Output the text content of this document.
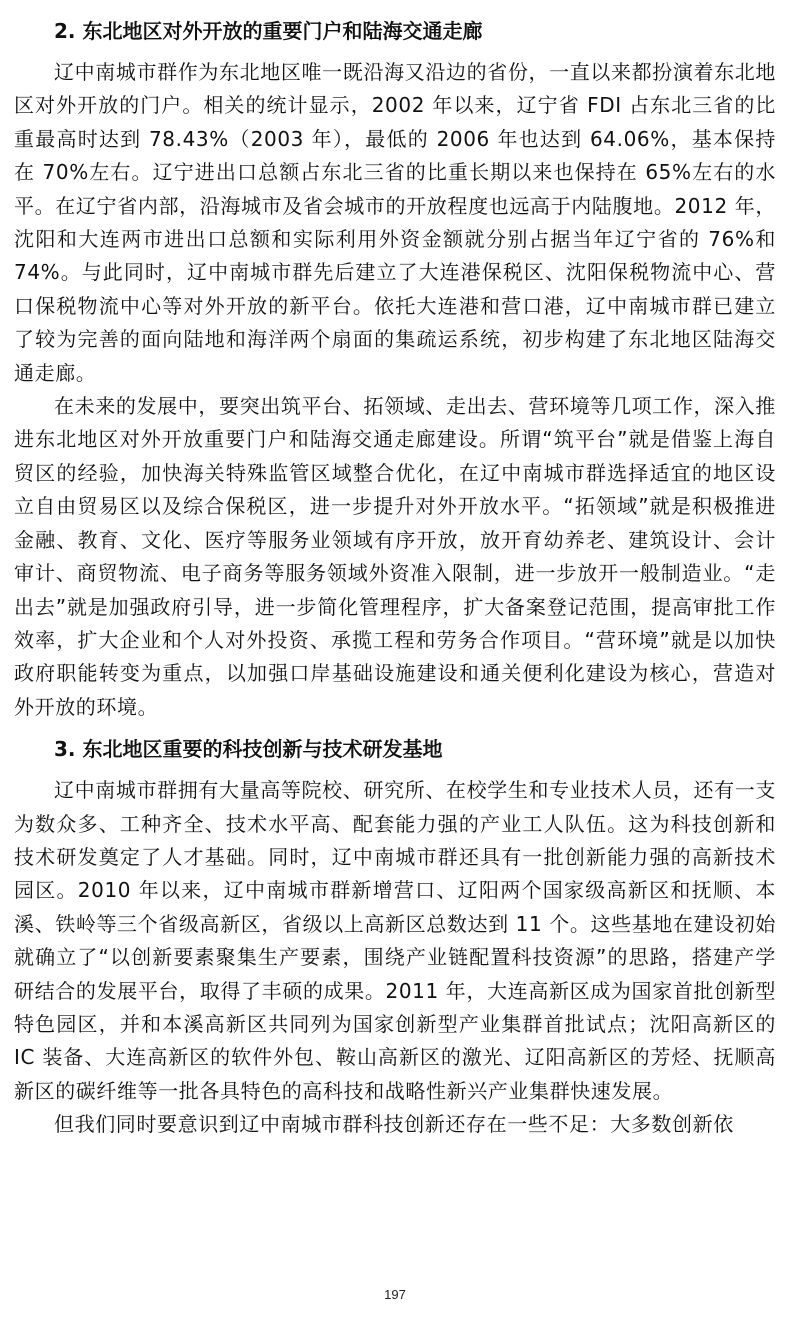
2. 东北地区对外开放的重要门户和陆海交通走廊

辽中南城市群作为东北地区唯一既沿海又沿边的省份，一直以来都扮演着东北地区对外开放的门户。相关的统计显示，2002 年以来，辽宁省 FDI 占东北三省的比重最高时达到 78.43%（2003 年），最低的 2006 年也达到 64.06%，基本保持在 70%左右。辽宁进出口总额占东北三省的比重长期以来也保持在 65%左右的水平。在辽宁省内部，沿海城市及省会城市的开放程度也远高于内陆腹地。2012 年，沈阳和大连两市进出口总额和实际利用外资金额就分别占据当年辽宁省的 76%和 74%。与此同时，辽中南城市群先后建立了大连港保税区、沈阳保税物流中心、营口保税物流中心等对外开放的新平台。依托大连港和营口港，辽中南城市群已建立了较为完善的面向陆地和海洋两个扇面的集疏运系统，初步构建了东北地区陆海交通走廊。

在未来的发展中，要突出筑平台、拓领域、走出去、营环境等几项工作，深入推进东北地区对外开放重要门户和陆海交通走廊建设。所谓“筑平台”就是借鉴上海自贸区的经验，加快海关特殊监管区域整合优化，在辽中南城市群选择适宜的地区设立自由贸易区以及综合保税区，进一步提升对外开放水平。“拓领域”就是积极推进金融、教育、文化、医疗等服务业领域有序开放，放开育幼养老、建筑设计、会计审计、商贸物流、电子商务等服务领域外资准入限制，进一步放开一般制造业。“走出去”就是加强政府引导，进一步简化管理程序，扩大备案登记范围，提高审批工作效率，扩大企业和个人对外投资、承揽工程和劳务合作项目。“营环境”就是以加快政府职能转变为重点，以加强口岸基础设施建设和通关便利化建设为核心，营造对外开放的环境。

3. 东北地区重要的科技创新与技术研发基地

辽中南城市群拥有大量高等院校、研究所、在校学生和专业技术人员，还有一支为数众多、工种齐全、技术水平高、配套能力强的产业工人队伍。这为科技创新和技术研发奠定了人才基础。同时，辽中南城市群还具有一批创新能力强的高新技术园区。2010 年以来，辽中南城市群新增营口、辽阳两个国家级高新区和抚顺、本溪、铁岭等三个省级高新区，省级以上高新区总数达到 11 个。这些基地在建设初始就确立了“以创新要素聚集生产要素，围绕产业链配置科技资源”的思路，搭建产学研结合的发展平台，取得了丰硕的成果。2011 年，大连高新区成为国家首批创新型特色园区，并和本溪高新区共同列为国家创新型产业集群首批试点；沈阳高新区的 IC 装备、大连高新区的软件外包、鞍山高新区的激光、辽阳高新区的芳烃、抚顺高新区的碳纤维等一批各具特色的高科技和战略性新兴产业集群快速发展。

但我们同时要意识到辽中南城市群科技创新还存在一些不足：大多数创新依

197
